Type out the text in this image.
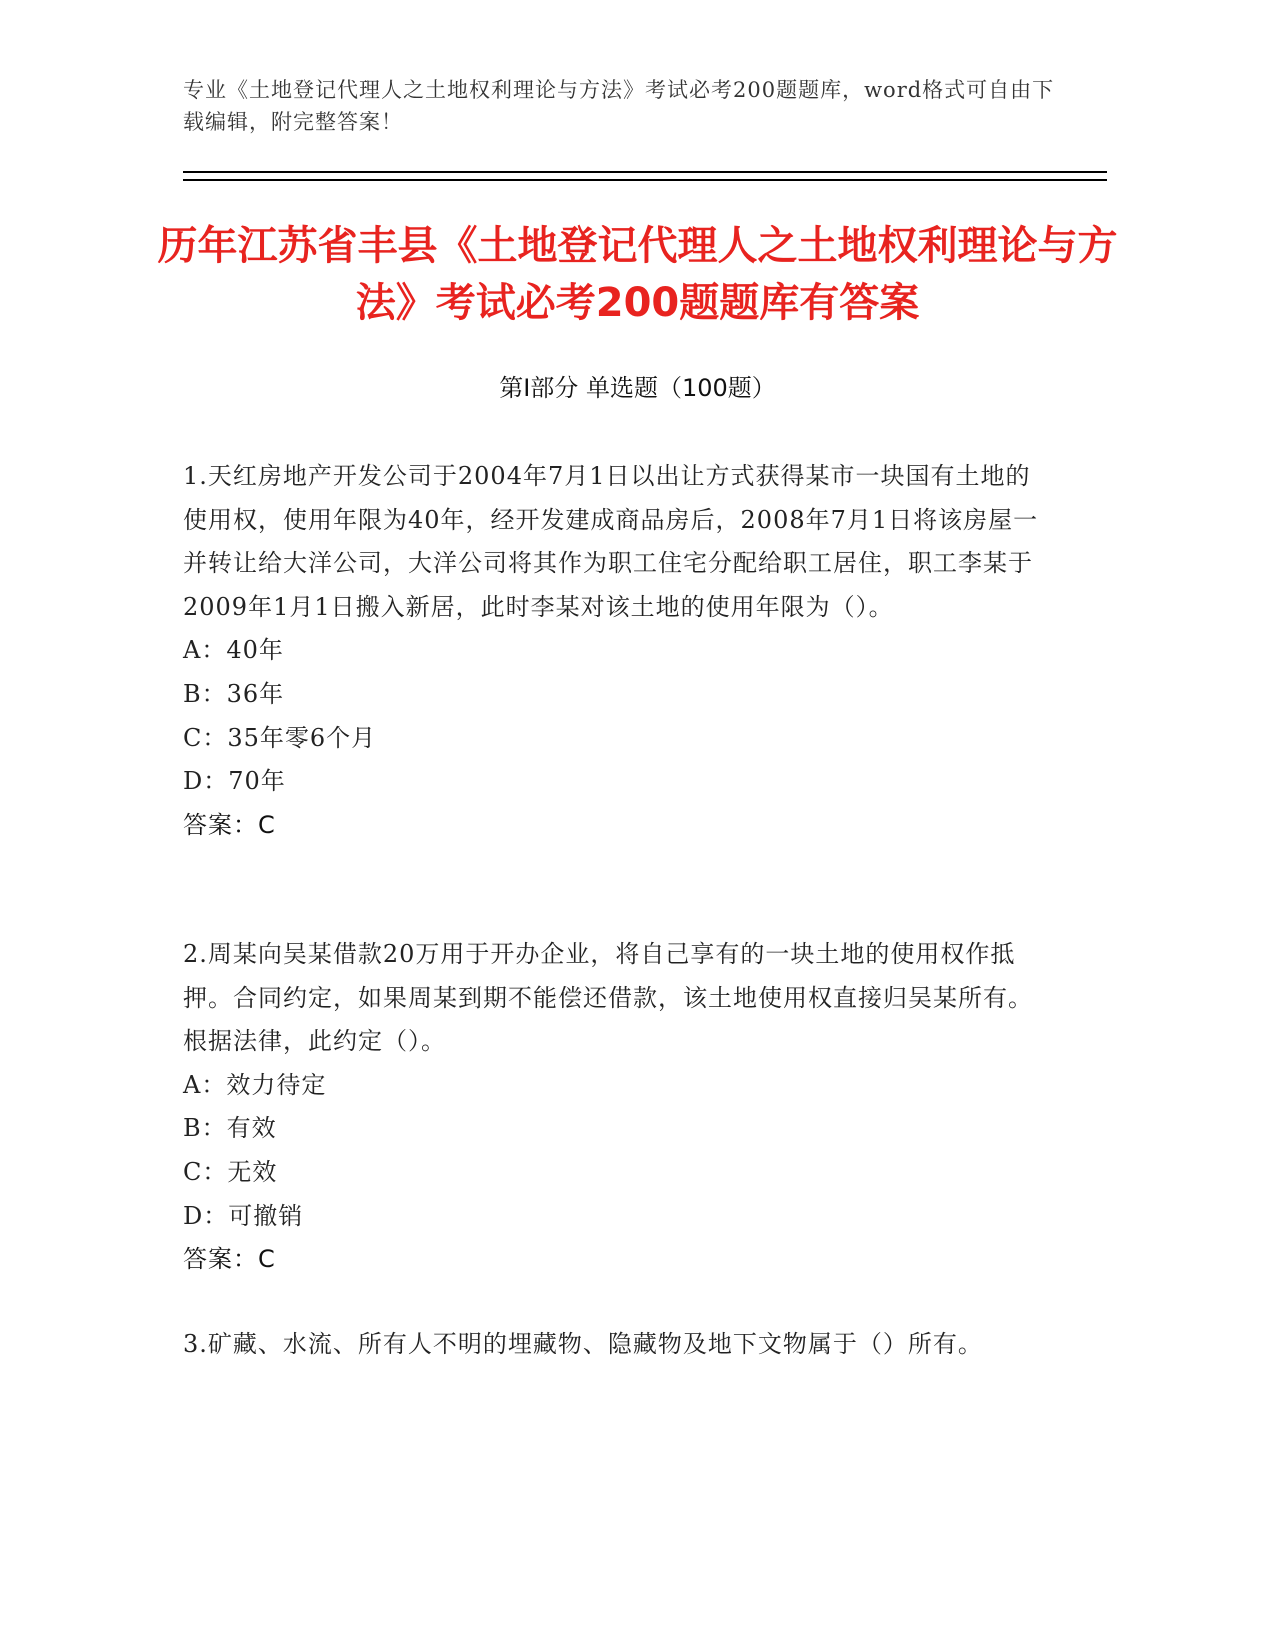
专业《土地登记代理人之土地权利理论与方法》考试必考200题题库，word格式可自由下载编辑，附完整答案！
历年江苏省丰县《土地登记代理人之土地权利理论与方法》考试必考200题题库有答案
第Ⅰ部分 单选题（100题）

1.天红房地产开发公司于2004年7月1日以出让方式获得某市一块国有土地的使用权，使用年限为40年，经开发建成商品房后，2008年7月1日将该房屋一并转让给大洋公司，大洋公司将其作为职工住宅分配给职工居住，职工李某于2009年1月1日搬入新居，此时李某对该土地的使用年限为（）。

A：40年

B：36年

C：35年零6个月

D：70年

答案：C

2.周某向吴某借款20万用于开办企业，将自己享有的一块土地的使用权作抵押。合同约定，如果周某到期不能偿还借款，该土地使用权直接归吴某所有。根据法律，此约定（）。

A：效力待定

B：有效

C：无效

D：可撤销

答案：C

3.矿藏、水流、所有人不明的埋藏物、隐藏物及地下文物属于（）所有。
